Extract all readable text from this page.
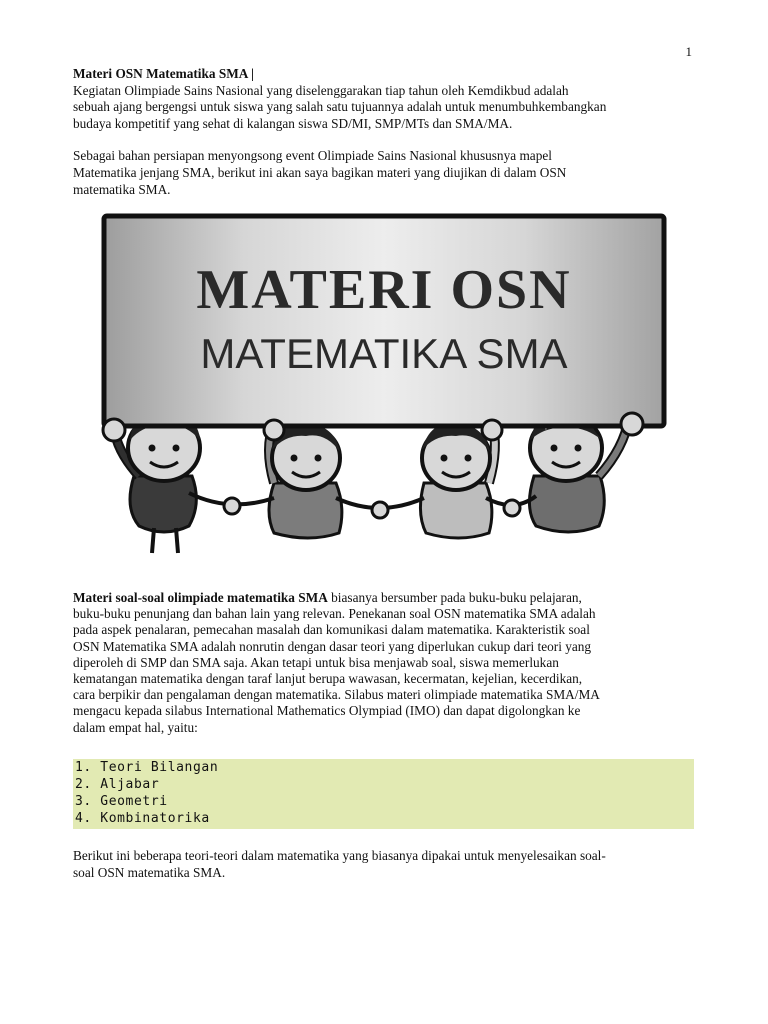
1

Materi OSN Matematika SMA |

Kegiatan Olimpiade Sains Nasional yang diselenggarakan tiap tahun oleh Kemdikbud adalah
sebuah ajang bergengsi untuk siswa yang salah satu tujuannya adalah untuk menumbuhkembangkan
budaya kompetitif yang sehat di kalangan siswa SD/MI, SMP/MTs dan SMA/MA.

Sebagai bahan persiapan menyongsong event Olimpiade Sains Nasional khususnya mapel
Matematika jenjang SMA, berikut ini akan saya bagikan materi yang diujikan di dalam OSN
matematika SMA.

MATERI OSN
MATEMATIKA SMA

Materi soal-soal olimpiade matematika SMA biasanya bersumber pada buku-buku pelajaran,
buku-buku penunjang dan bahan lain yang relevan. Penekanan soal OSN matematika SMA adalah
pada aspek penalaran, pemecahan masalah dan komunikasi dalam matematika. Karakteristik soal
OSN Matematika SMA adalah nonrutin dengan dasar teori yang diperlukan cukup dari teori yang
diperoleh di SMP dan SMA saja. Akan tetapi untuk bisa menjawab soal, siswa memerlukan
kematangan matematika dengan taraf lanjut berupa wawasan, kecermatan, kejelian, kecerdikan,
cara berpikir dan pengalaman dengan matematika. Silabus materi olimpiade matematika SMA/MA
mengacu kepada silabus International Mathematics Olympiad (IMO) dan dapat digolongkan ke
dalam empat hal, yaitu:

1. Teori Bilangan
2. Aljabar
3. Geometri
4. Kombinatorika

Berikut ini beberapa teori-teori dalam matematika yang biasanya dipakai untuk menyelesaikan soal-
soal OSN matematika SMA.
